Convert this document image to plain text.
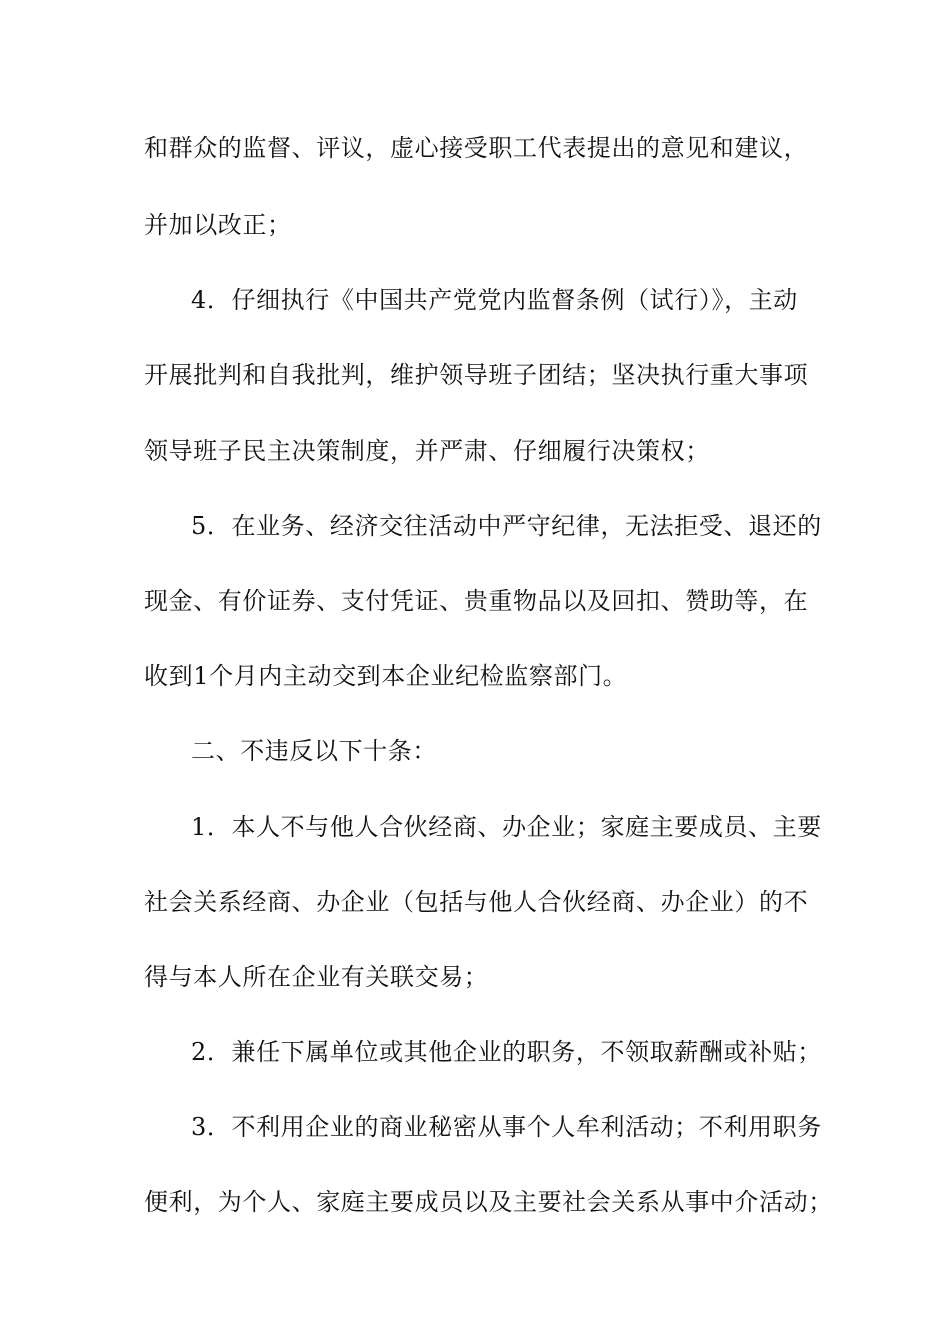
和群众的监督、评议，虚心接受职工代表提出的意见和建议，
并加以改正；
4．仔细执行《中国共产党党内监督条例（试行）》，主动
开展批判和自我批判，维护领导班子团结；坚决执行重大事项
领导班子民主决策制度，并严肃、仔细履行决策权；
5．在业务、经济交往活动中严守纪律，无法拒受、退还的
现金、有价证券、支付凭证、贵重物品以及回扣、赞助等，在
收到1个月内主动交到本企业纪检监察部门。
二、不违反以下十条：
1．本人不与他人合伙经商、办企业；家庭主要成员、主要
社会关系经商、办企业（包括与他人合伙经商、办企业）的不
得与本人所在企业有关联交易；
2．兼任下属单位或其他企业的职务，不领取薪酬或补贴；
3．不利用企业的商业秘密从事个人牟利活动；不利用职务
便利，为个人、家庭主要成员以及主要社会关系从事中介活动；
